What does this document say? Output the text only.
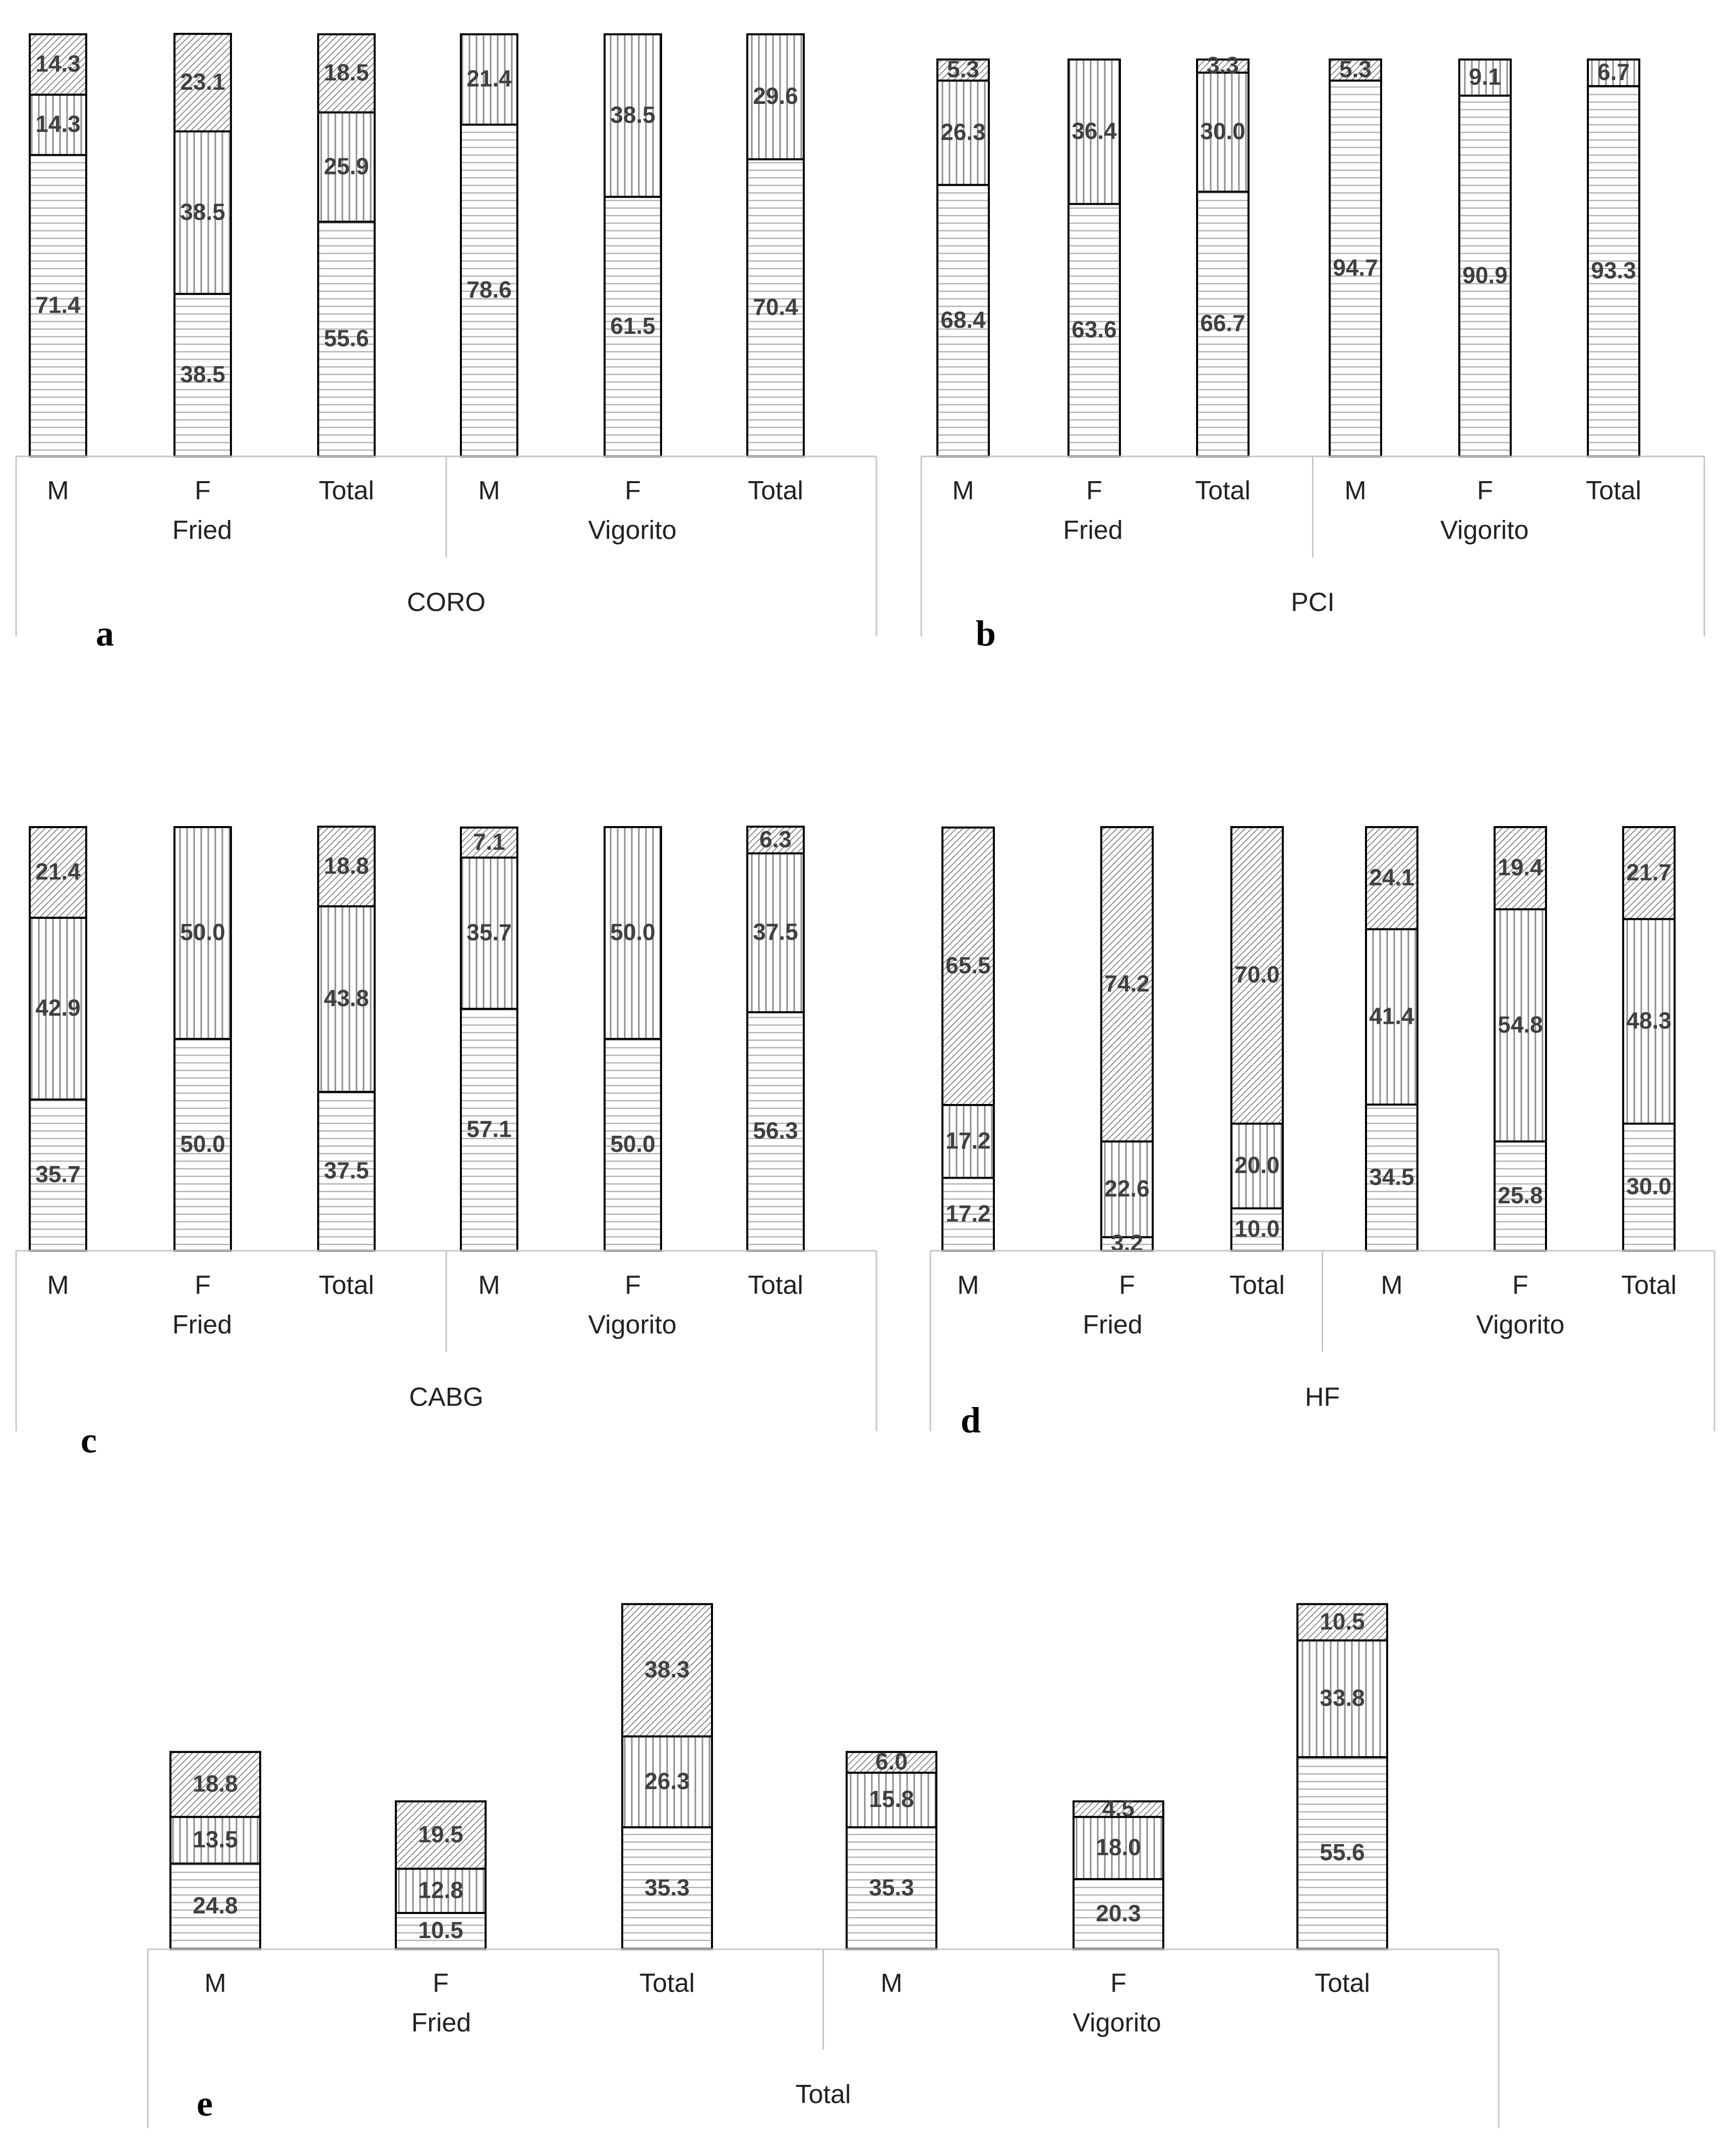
71.4
14.3
14.3
38.5
38.5
23.1
55.6
25.9
18.5
78.6
21.4
61.5
38.5
70.4
29.6
M	F	Total	M	F	Total
Fried	Vigorito
CORO
a
68.4
26.3
5.3
63.6
36.4
66.7
30.0
3.3
94.7
5.3
90.9
9.1
93.3
6.7
M	F	Total	M	F	Total
Fried	Vigorito
PCI
b
35.7
42.9
21.4
50.0
50.0
37.5
43.8
18.8
57.1
35.7
7.1
50.0
50.0
56.3
37.5
6.3
M	F	Total	M	F	Total
Fried	Vigorito
CABG
c
17.2
17.2
65.5
3.2
22.6
74.2
10.0
20.0
70.0
34.5
41.4
24.1
25.8
54.8
19.4
30.0
48.3
21.7
M	F	Total	M	F	Total
Fried	Vigorito
HF
d
24.8
13.5
18.8
10.5
12.8
19.5
35.3
26.3
38.3
35.3
15.8
6.0
20.3
18.0
4.5
55.6
33.8
10.5
M	F	Total	M	F	Total
Fried	Vigorito
Total
e
